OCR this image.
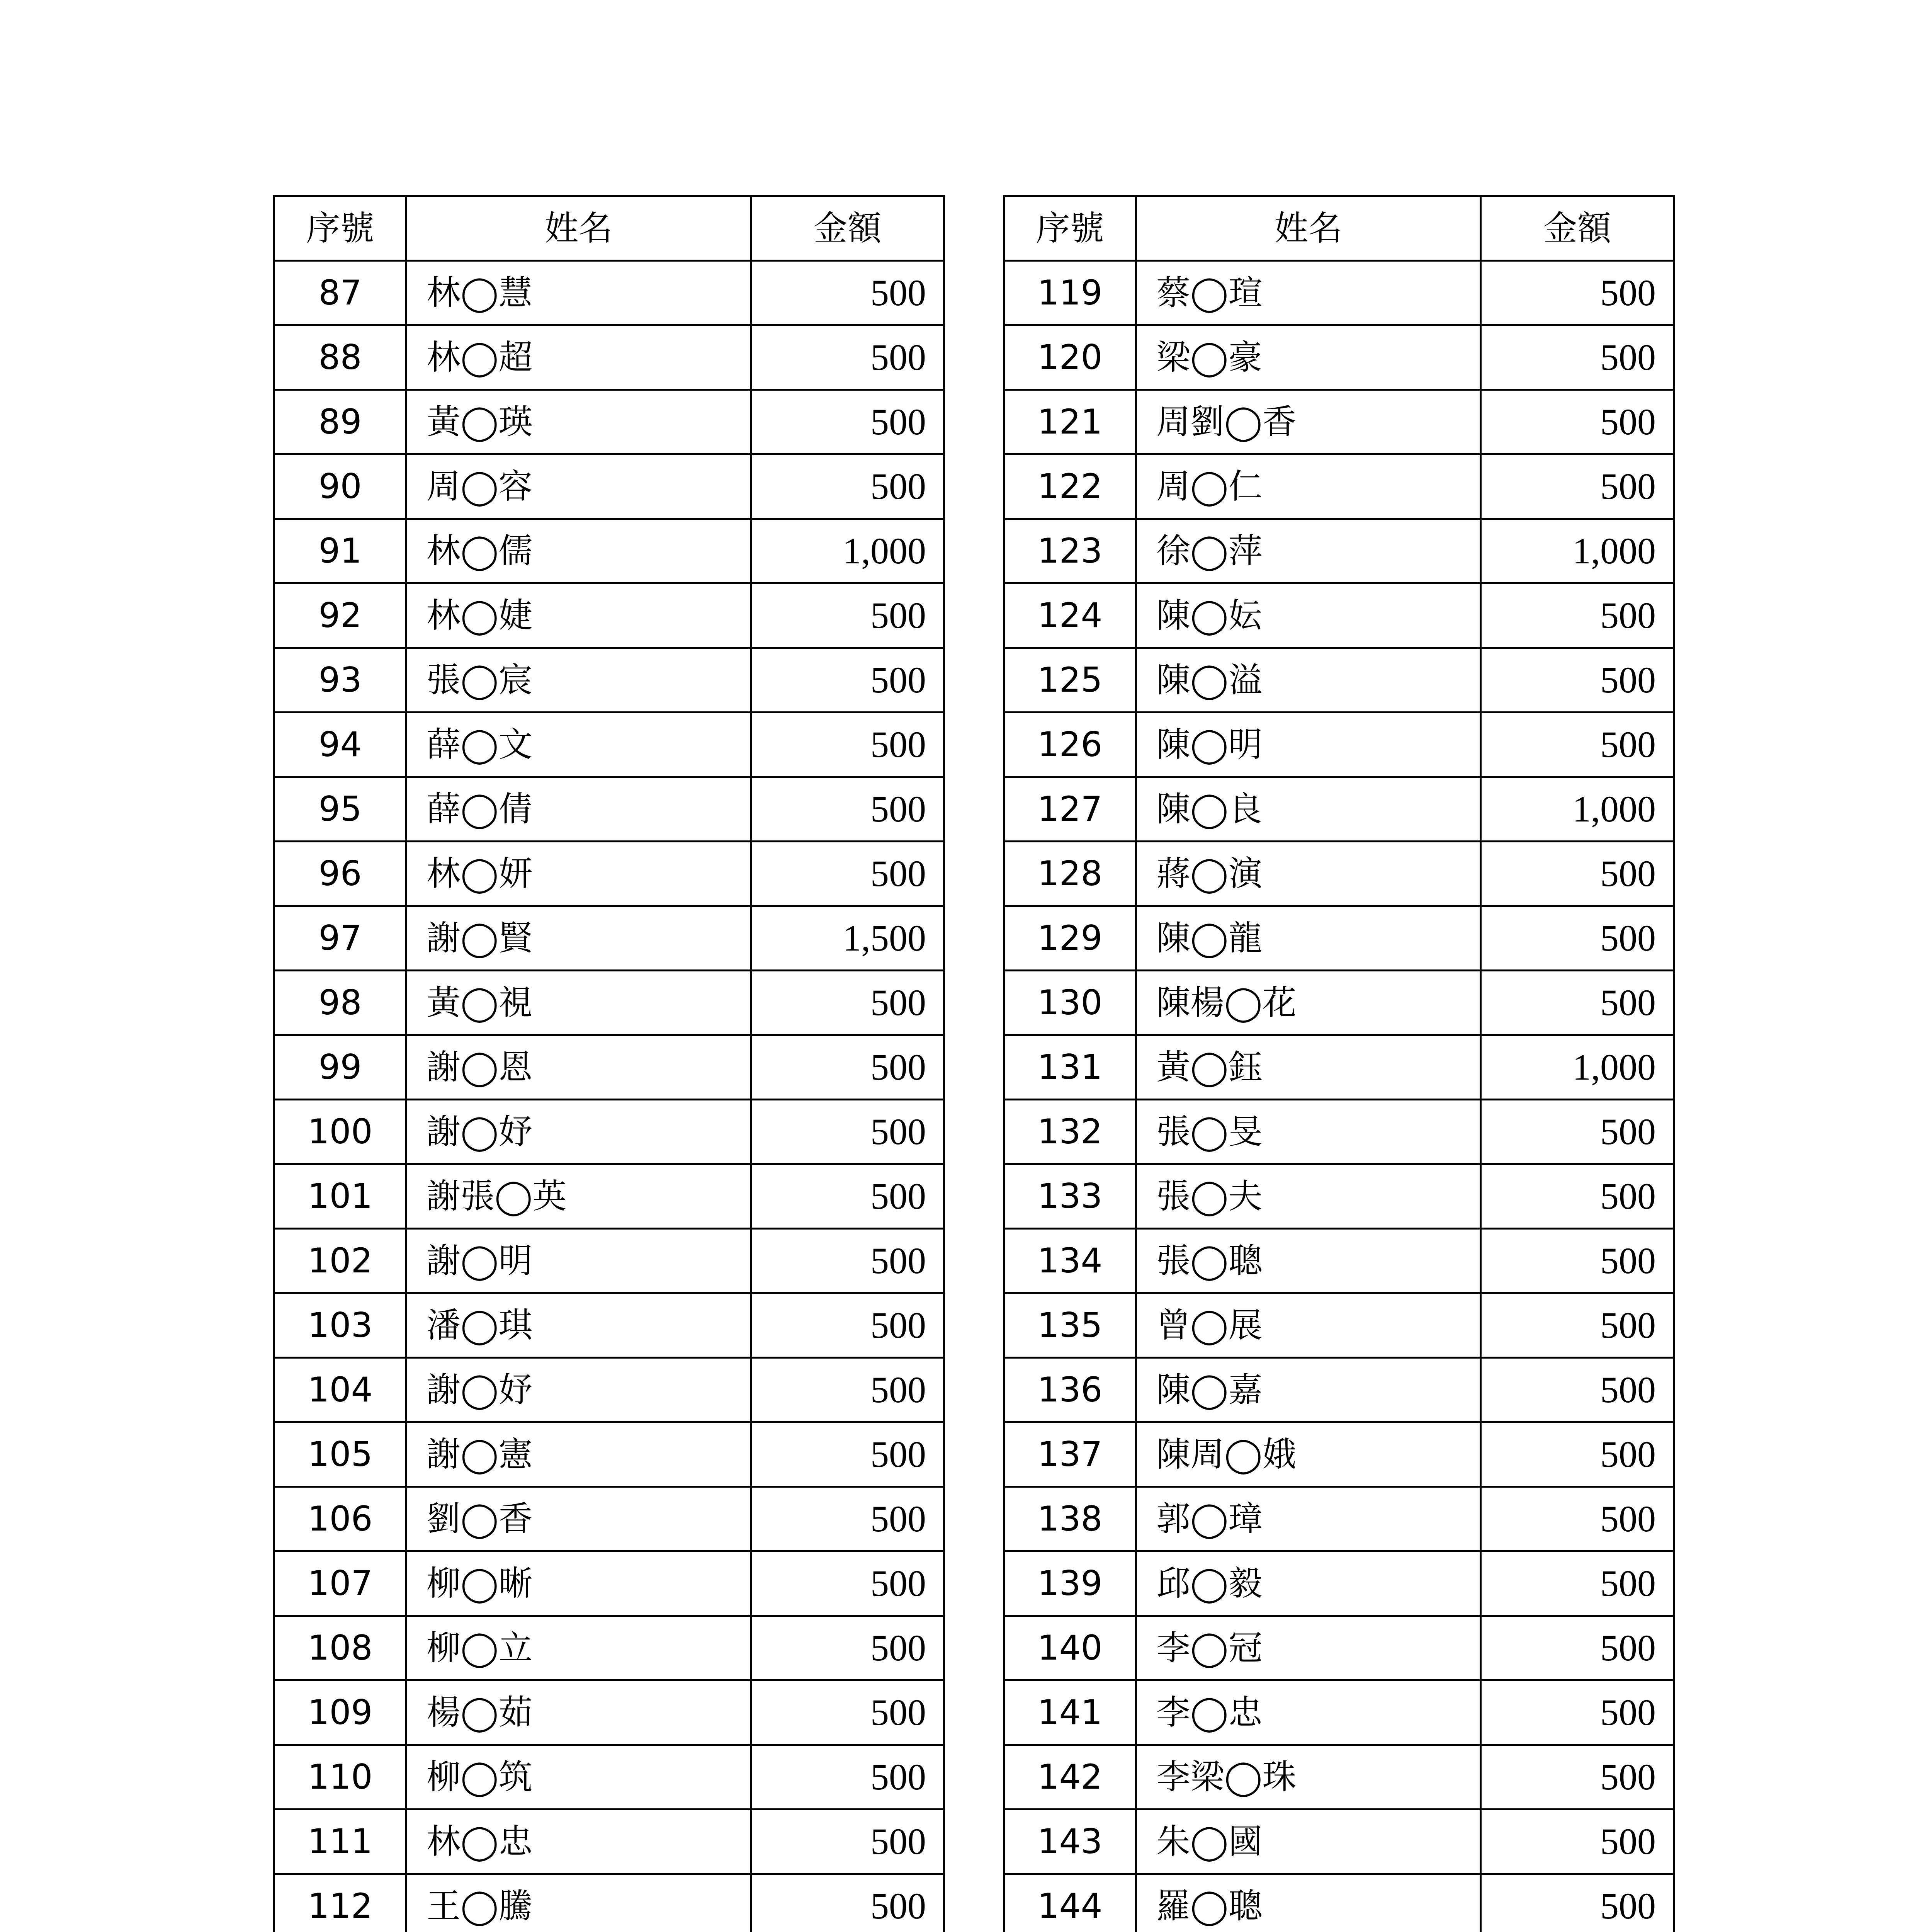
序號	姓名	金額
87	林◯慧	500
88	林◯超	500
89	黃◯瑛	500
90	周◯容	500
91	林◯儒	1,000
92	林◯婕	500
93	張◯宸	500
94	薛◯文	500
95	薛◯倩	500
96	林◯妍	500
97	謝◯賢	1,500
98	黃◯視	500
99	謝◯恩	500
100	謝◯妤	500
101	謝張◯英	500
102	謝◯明	500
103	潘◯琪	500
104	謝◯妤	500
105	謝◯憲	500
106	劉◯香	500
107	柳◯晰	500
108	柳◯立	500
109	楊◯茹	500
110	柳◯筑	500
111	林◯忠	500
112	王◯騰	500

序號	姓名	金額
119	蔡◯瑄	500
120	梁◯豪	500
121	周劉◯香	500
122	周◯仁	500
123	徐◯萍	1,000
124	陳◯妘	500
125	陳◯溢	500
126	陳◯明	500
127	陳◯良	1,000
128	蔣◯演	500
129	陳◯龍	500
130	陳楊◯花	500
131	黃◯鈺	1,000
132	張◯旻	500
133	張◯夫	500
134	張◯聰	500
135	曾◯展	500
136	陳◯嘉	500
137	陳周◯娥	500
138	郭◯璋	500
139	邱◯毅	500
140	李◯冠	500
141	李◯忠	500
142	李梁◯珠	500
143	朱◯國	500
144	羅◯聰	500
